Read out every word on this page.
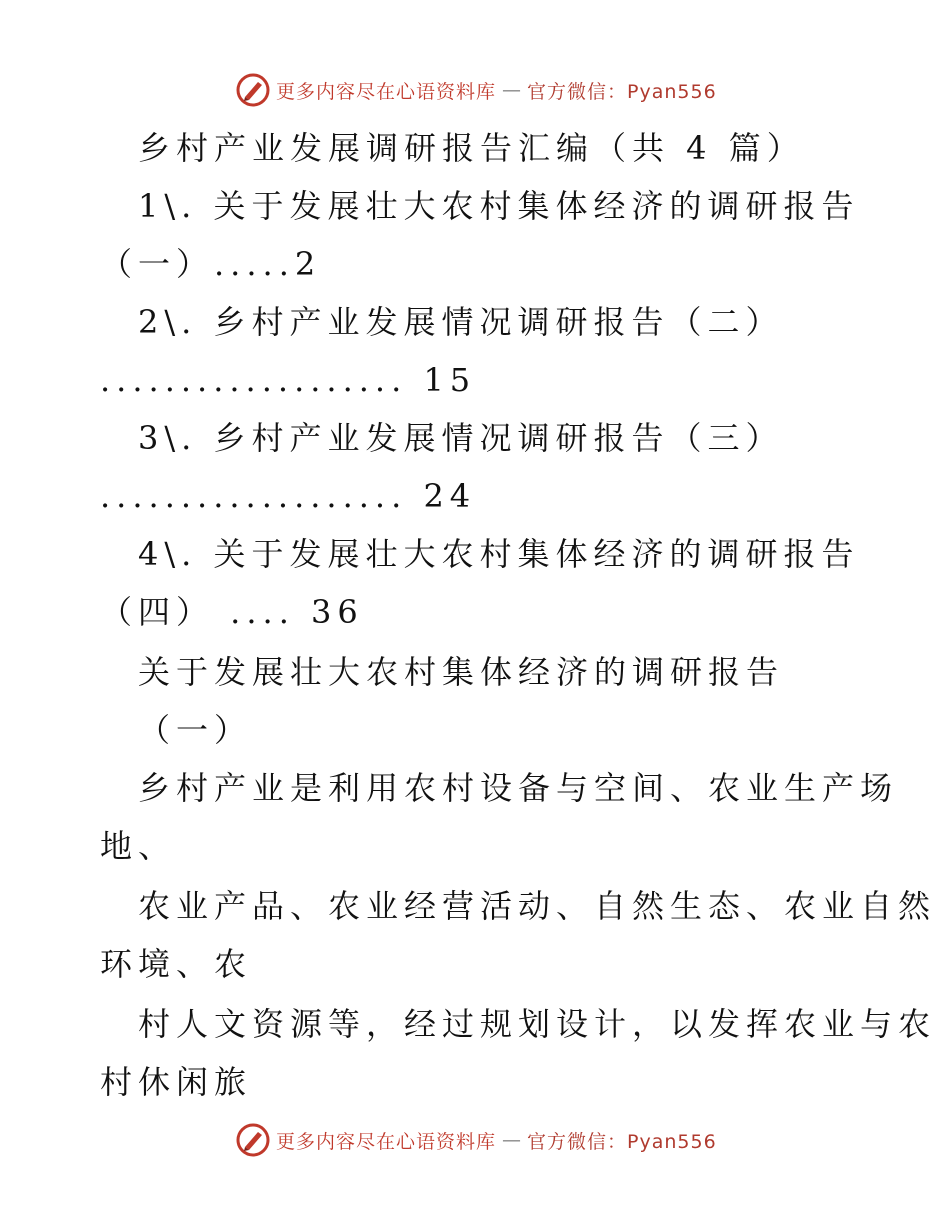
更多内容尽在心语资料库 — 官方微信：Pyan556
乡村产业发展调研报告汇编（共 4 篇）
1\. 关于发展壮大农村集体经济的调研报告
（一）.....2
2\. 乡村产业发展情况调研报告（二）
................... 15
3\. 乡村产业发展情况调研报告（三）
................... 24
4\. 关于发展壮大农村集体经济的调研报告
（四） .... 36
关于发展壮大农村集体经济的调研报告
（一）
乡村产业是利用农村设备与空间、农业生产场
地、
农业产品、农业经营活动、自然生态、农业自然
环境、农
村人文资源等，经过规划设计，以发挥农业与农
村休闲旅
更多内容尽在心语资料库 — 官方微信：Pyan556
